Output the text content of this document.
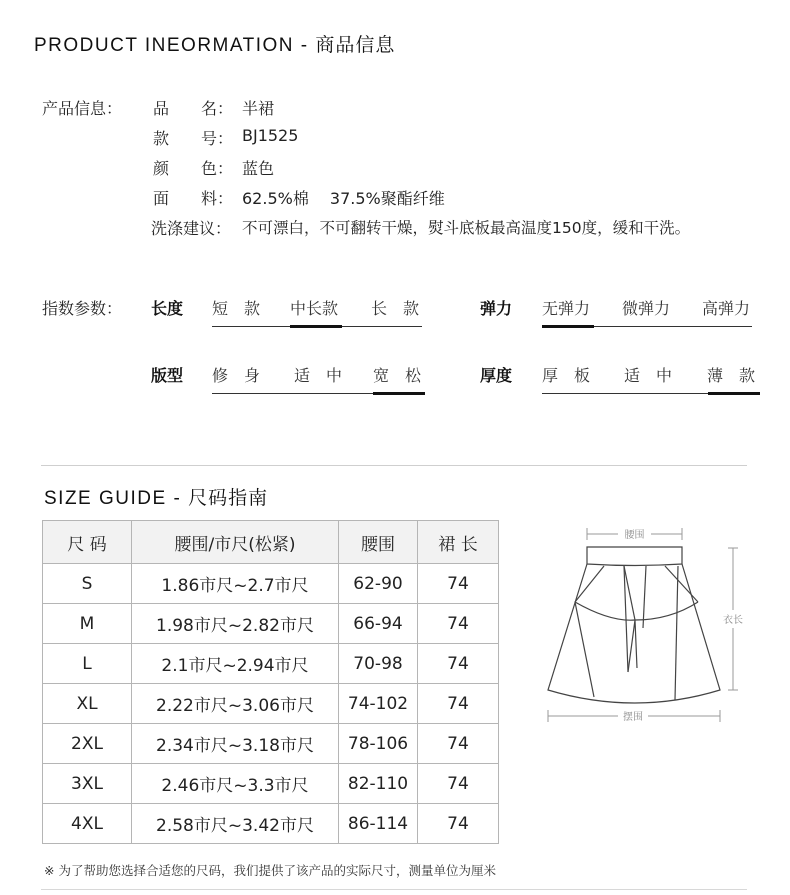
PRODUCT INEORMATION - 商品信息
产品信息： 品　　名： 半裙
款　　号： BJ1525
颜　　色： 蓝色
面　　料： 62.5%棉　 37.5%聚酯纤维
洗涤建议： 不可漂白，不可翻转干燥，熨斗底板最高温度150度，缓和干洗。
指数参数： 长度 短　款 中长款 长　款	弹力 无弹力 微弹力 高弹力
版型 修　身 适　中 宽　松	厚度 厚　板 适　中 薄　款
SIZE GUIDE - 尺码指南
尺 码	腰围/市尺(松紧)	腰围	裙 长
S	1.86市尺~2.7市尺	62-90	74
M	1.98市尺~2.82市尺	66-94	74
L	2.1市尺~2.94市尺	70-98	74
XL	2.22市尺~3.06市尺	74-102	74
2XL	2.34市尺~3.18市尺	78-106	74
3XL	2.46市尺~3.3市尺	82-110	74
4XL	2.58市尺~3.42市尺	86-114	74
腰围
衣长
摆围
※ 为了帮助您选择合适您的尺码，我们提供了该产品的实际尺寸，测量单位为厘米
